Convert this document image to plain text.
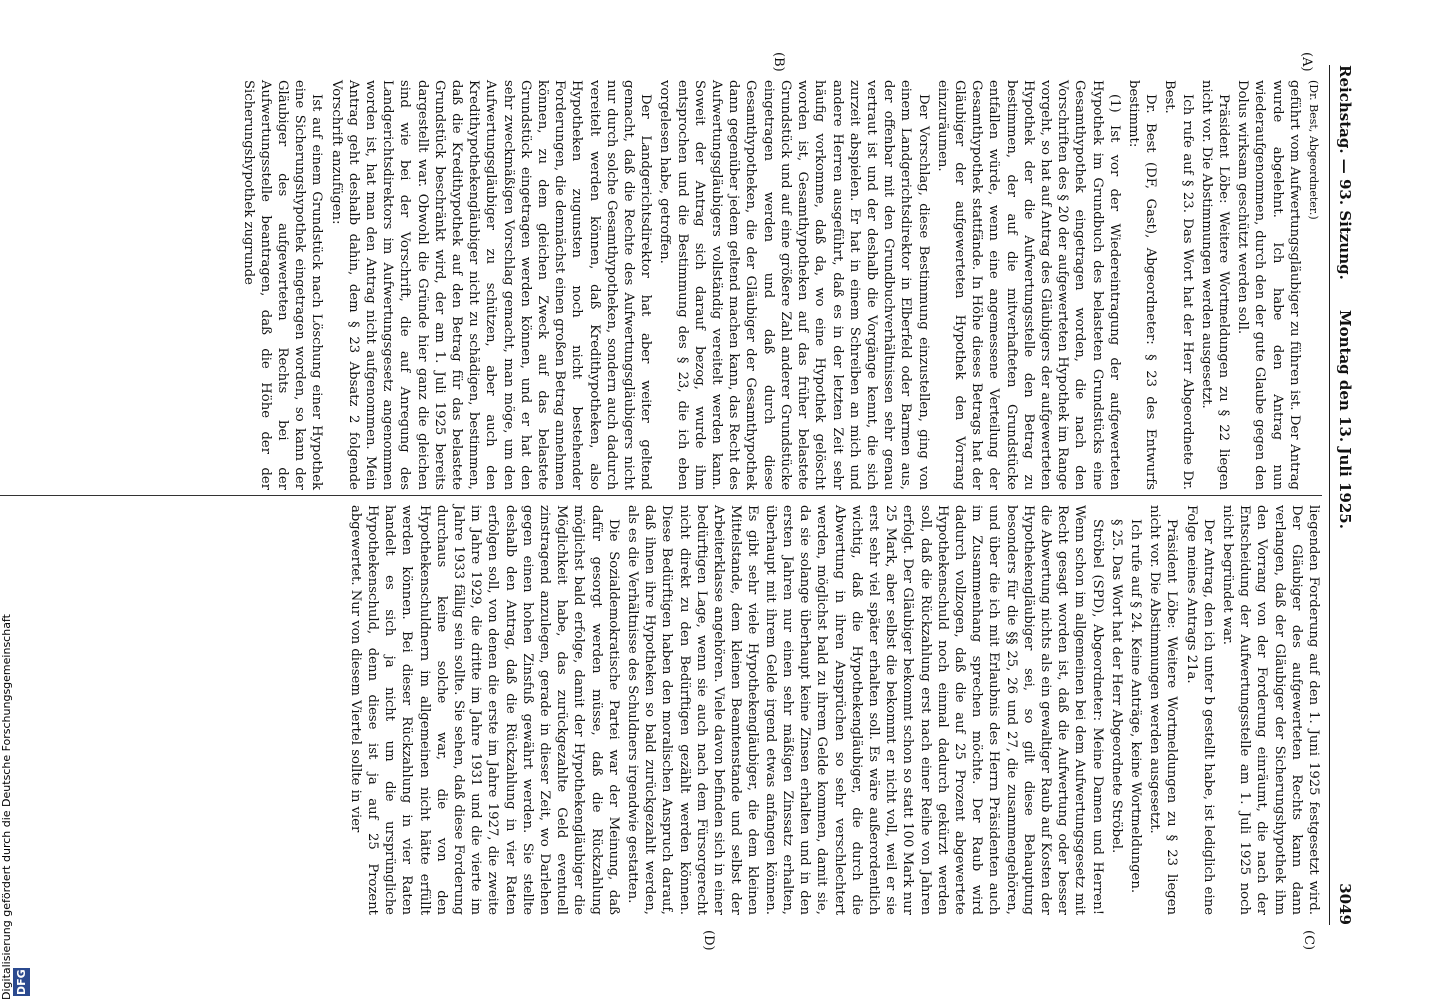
Reichstag. — 93. Sitzung.
Montag den 13. Juli 1925.
3049
(A)
(B)
(C)
(D)

(Dr. Best, Abgeordneter.)

geführt vom Aufwertungsgläubiger zu führen ist. Der Antrag wurde abgelehnt. Ich habe den Antrag nun wiederaufgenommen, durch den der gute Glaube gegen den Dolus wirksam geschützt werden soll.

Präsident Löbe: Weitere Wortmeldungen zu § 22 liegen nicht vor. Die Abstimmungen werden ausgesetzt.

Ich rufe auf § 23. Das Wort hat der Herr Abgeordnete Dr. Best.

Dr. Best (DF, Gast), Abgeordneter: § 23 des Entwurfs bestimmt:

(1) Ist vor der Wiedereintragung der aufgewerteten Hypothek im Grundbuch des belasteten Grundstücks eine Gesamthypothek eingetragen worden, die nach den Vorschriften des § 20 der aufgewerteten Hypothek im Range vorgeht, so hat auf Antrag des Gläubigers der aufgewerteten Hypothek der die Aufwertungsstelle den Betrag zu bestimmen, der auf die mitverhafteten Grundstücke entfallen würde, wenn eine angemessene Verteilung der Gesamthypothek stattfände. In Höhe dieses Betrags hat der Gläubiger der aufgewerteten Hypothek den Vorrang einzuräumen.

Der Vorschlag, diese Bestimmung einzustellen, ging von einem Landgerichtsdirektor in Elberfeld oder Barmen aus, der offenbar mit den Grundbuchverhältnissen sehr genau vertraut ist und der deshalb die Vorgänge kennt, die sich zurzeit abspielen. Er hat in einem Schreiben an mich und andere Herren ausgeführt, daß es in der letzten Zeit sehr häufig vorkomme, daß da, wo eine Hypothek gelöscht worden ist, Gesamthypotheken auf das früher belastete Grundstück und auf eine größere Zahl anderer Grundstücke eingetragen werden und daß durch diese Gesamthypotheken, die der Gläubiger der Gesamthypothek dann gegenüber jedem geltend machen kann, das Recht des Aufwertungsgläubigers vollständig vereitelt werden kann. Soweit der Antrag sich darauf bezog, wurde ihm entsprochen und die Bestimmung des § 23, die ich eben vorgelesen habe, getroffen.

Der Landgerichtsdirektor hat aber weiter geltend gemacht, daß die Rechte des Aufwertungsgläubigers nicht nur durch solche Gesamthypotheken, sondern auch dadurch vereitelt werden können, daß Kredithypotheken, also Hypotheken zugunsten noch nicht bestehender Forderungen, die demnächst einen großen Betrag annehmen können, zu dem gleichen Zweck auf das belastete Grundstück eingetragen werden können, und er hat den sehr zweckmäßigen Vorschlag gemacht, man möge, um den Aufwertungsgläubiger zu schützen, aber auch den Kredithypothekengläubiger nicht zu schädigen, bestimmen, daß die Kredithypothek auf den Betrag für das belastete Grundstück beschränkt wird, der am 1. Juli 1925 bereits dargestellt war. Obwohl die Gründe hier ganz die gleichen sind wie bei der Vorschrift, die auf Anregung des Landgerichtsdirektors im Aufwertungsgesetz angenommen worden ist, hat man den Antrag nicht aufgenommen. Mein Antrag geht deshalb dahin, dem § 23 Absatz 2 folgende Vorschrift anzufügen:

Ist auf einem Grundstück nach Löschung einer Hypothek eine Sicherungshypothek eingetragen worden, so kann der Gläubiger des aufgewerteten Rechts bei der Aufwertungsstelle beantragen, daß die Höhe der der Sicherungshypothek zugrunde

liegenden Forderung auf den 1. Juni 1925 festgesetzt wird. Der Gläubiger des aufgewerteten Rechts kann dann verlangen, daß der Gläubiger der Sicherungshypothek ihm den Vorrang von der Forderung einräumt, die nach der Entscheidung der Aufwertungsstelle am 1. Juli 1925 noch nicht begründet war.

Der Antrag, den ich unter b gestellt habe, ist lediglich eine Folge meines Antrags 21a.

Präsident Löbe: Weitere Wortmeldungen zu § 23 liegen nicht vor. Die Abstimmungen werden ausgesetzt.

Ich rufe auf § 24. Keine Anträge, keine Wortmeldungen.

§ 25. Das Wort hat der Herr Abgeordnete Ströbel.

Ströbel (SPD), Abgeordneter: Meine Damen und Herren! Wenn schon im allgemeinen bei dem Aufwertungsgesetz mit Recht gesagt worden ist, daß die Aufwertung oder besser die Abwertung nichts als ein gewaltiger Raub auf Kosten der Hypothekengläubiger sei, so gilt diese Behauptung besonders für die §§ 25, 26 und 27, die zusammengehören, und über die ich mit Erlaubnis des Herrn Präsidenten auch im Zusammenhang sprechen möchte. Der Raub wird dadurch vollzogen, daß die auf 25 Prozent abgewertete Hypothekenschuld noch einmal dadurch gekürzt werden soll, daß die Rückzahlung erst nach einer Reihe von Jahren erfolgt. Der Gläubiger bekommt schon so statt 100 Mark nur 25 Mark, aber selbst die bekommt er nicht voll, weil er sie erst sehr viel später erhalten soll. Es wäre außerordentlich wichtig, daß die Hypothekengläubiger, die durch die Abwertung in ihren Ansprüchen so sehr verschlechtert werden, möglichst bald zu ihrem Gelde kommen, damit sie, da sie solange überhaupt keine Zinsen erhalten und in den ersten Jahren nur einen sehr mäßigen Zinssatz erhalten, überhaupt mit ihrem Gelde irgend etwas anfangen können. Es gibt sehr viele Hypothekengläubiger, die dem kleinen Mittelstande, dem kleinen Beamtenstande und selbst der Arbeiterklasse angehören. Viele davon befinden sich in einer bedürftigen Lage, wenn sie auch nach dem Fürsorgerecht nicht direkt zu den Bedürftigen gezählt werden können. Diese Bedürftigen haben den moralischen Anspruch darauf, daß ihnen ihre Hypotheken so bald zurückgezahlt werden, als es die Verhältnisse des Schuldners irgendwie gestatten.

Die Sozialdemokratische Partei war der Meinung, daß dafür gesorgt werden müsse, daß die Rückzahlung möglichst bald erfolge, damit der Hypothekengläubiger die Möglichkeit habe, das zurückgezahlte Geld eventuell zinstragend anzulegen, gerade in dieser Zeit, wo Darlehen gegen einen hohen Zinsfuß gewährt werden. Sie stellte deshalb den Antrag, daß die Rückzahlung in vier Raten erfolgen soll, von denen die erste im Jahre 1927, die zweite im Jahre 1929, die dritte im Jahre 1931 und die vierte im Jahre 1933 fällig sein sollte. Sie sehen, daß diese Forderung durchaus keine solche war, die von den Hypothekenschuldnern im allgemeinen nicht hätte erfüllt werden können. Bei dieser Rückzahlung in vier Raten handelt es sich ja nicht um die ursprüngliche Hypothekenschuld, denn diese ist ja auf 25 Prozent abgewertet. Nur von diesem Viertel sollte in vier

Digitalisierung gefördert durch die Deutsche Forschungsgemeinschaft DFG
